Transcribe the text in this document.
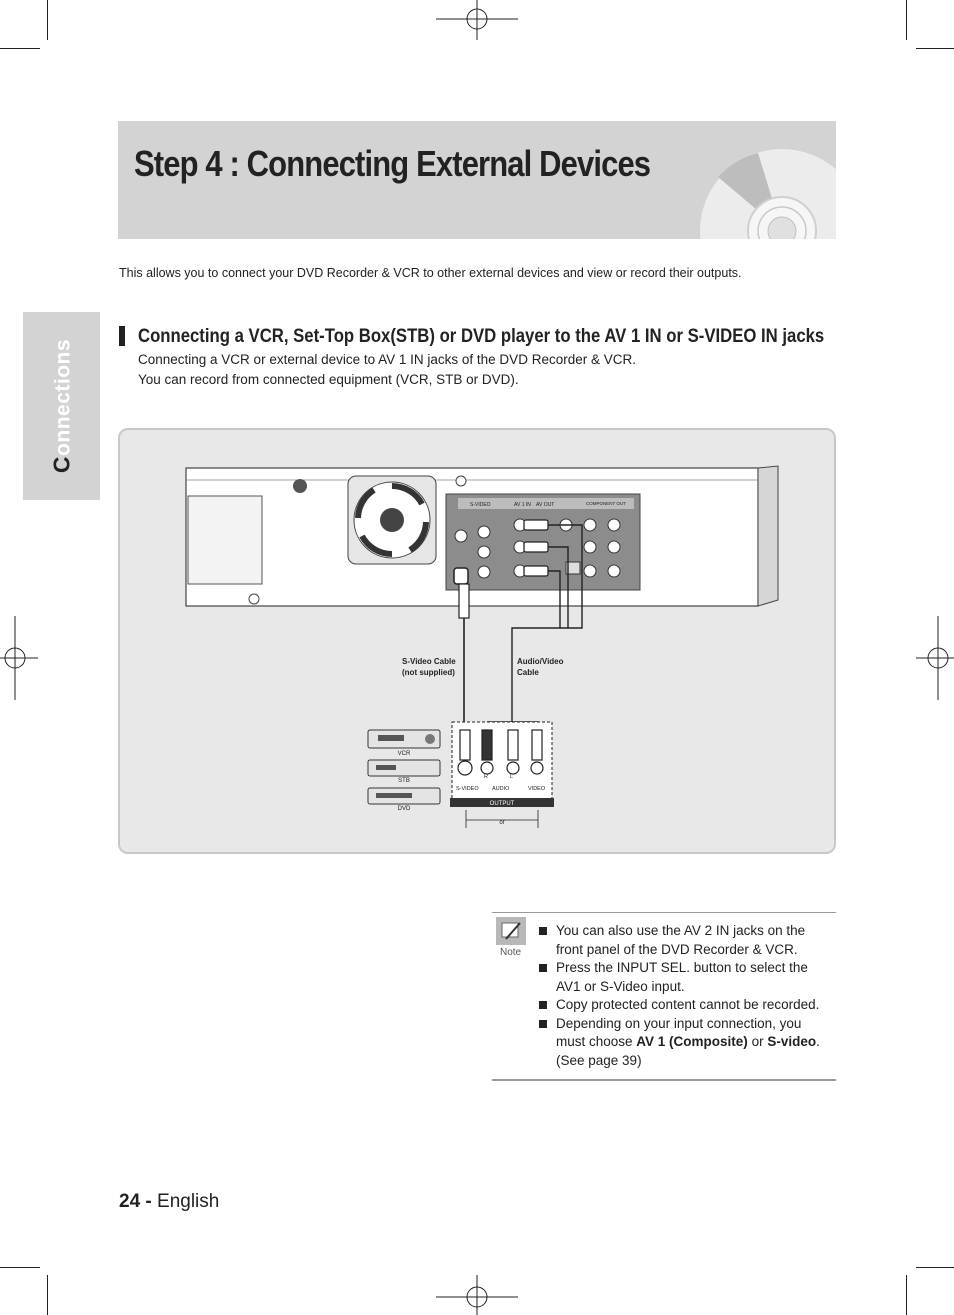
Step 4 : Connecting External Devices
This allows you to connect your DVD Recorder & VCR to other external devices and view or record their outputs.
Connections
Connecting a VCR, Set-Top Box(STB) or DVD player to the AV 1 IN or S-VIDEO IN jacks
Connecting a VCR or external device to AV 1 IN jacks of the DVD Recorder & VCR.
You can record from connected equipment (VCR, STB or DVD).
S-VIDEO	AV 1 IN AV OUT	COMPONENT OUT
S-Video Cable
(not supplied)
Audio/Video
Cable
S-VIDEO
R	L
AUDIO	VIDEO
OUTPUT
or
VCR
STB
DVD
Note
You can also use the AV 2 IN jacks on the front panel of the DVD Recorder & VCR.
Press the INPUT SEL. button to select the AV1 or S-Video input.
Copy protected content cannot be recorded.
Depending on your input connection, you must choose AV 1 (Composite) or S-video. (See page 39)
24 - English
